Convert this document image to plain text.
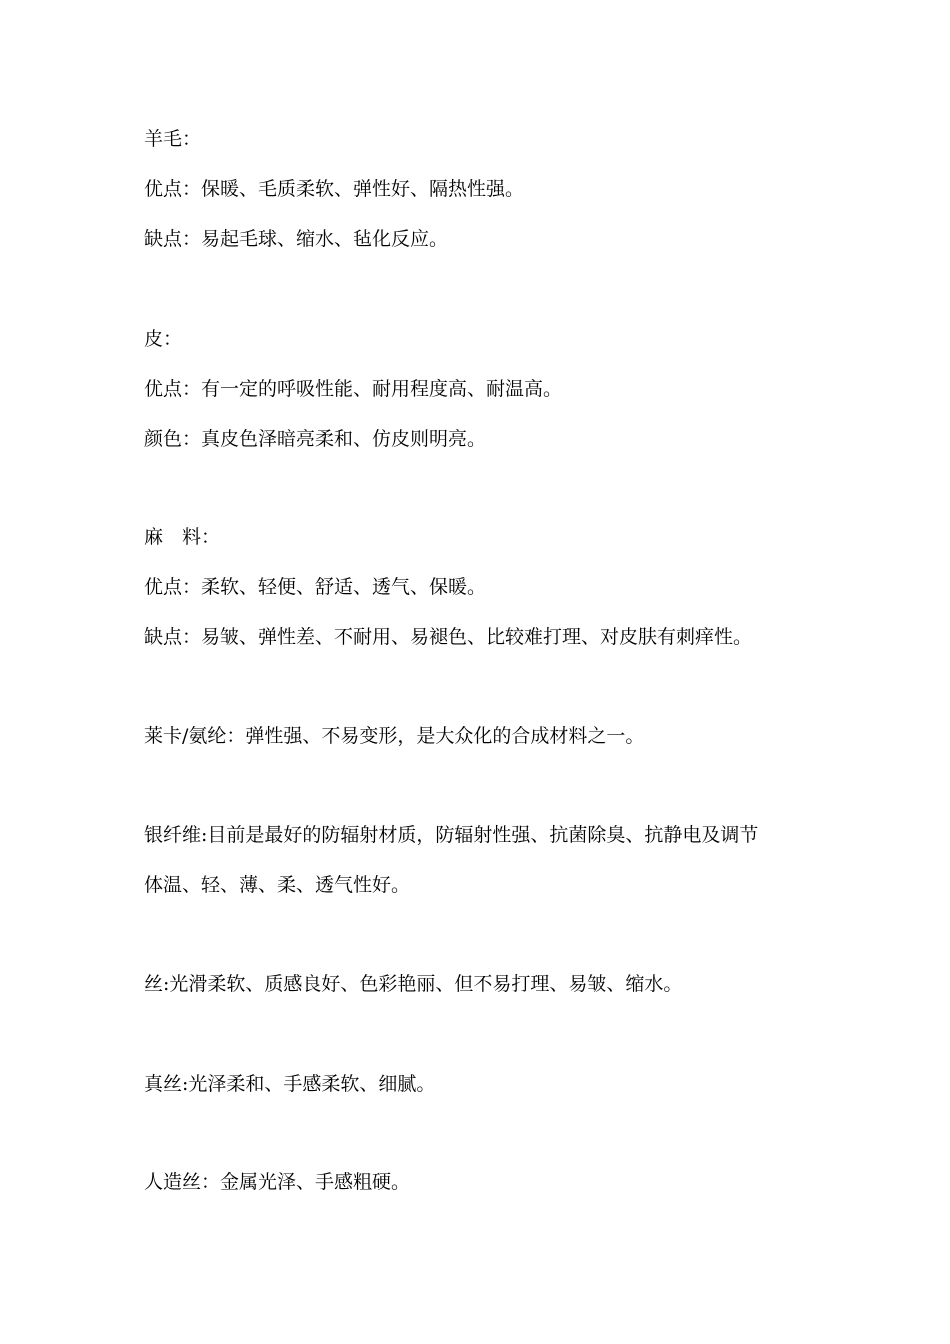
羊毛：
优点：保暖、毛质柔软、弹性好、隔热性强。
缺点：易起毛球、缩水、毡化反应。
皮：
优点：有一定的呼吸性能、耐用程度高、耐温高。
颜色：真皮色泽暗亮柔和、仿皮则明亮。
麻　料：
优点：柔软、轻便、舒适、透气、保暖。
缺点：易皱、弹性差、不耐用、易褪色、比较难打理、对皮肤有刺痒性。
莱卡/氨纶：弹性强、不易变形，是大众化的合成材料之一。
银纤维:目前是最好的防辐射材质，防辐射性强、抗菌除臭、抗静电及调节
体温、轻、薄、柔、透气性好。
丝:光滑柔软、质感良好、色彩艳丽、但不易打理、易皱、缩水。
真丝:光泽柔和、手感柔软、细腻。
人造丝：金属光泽、手感粗硬。
